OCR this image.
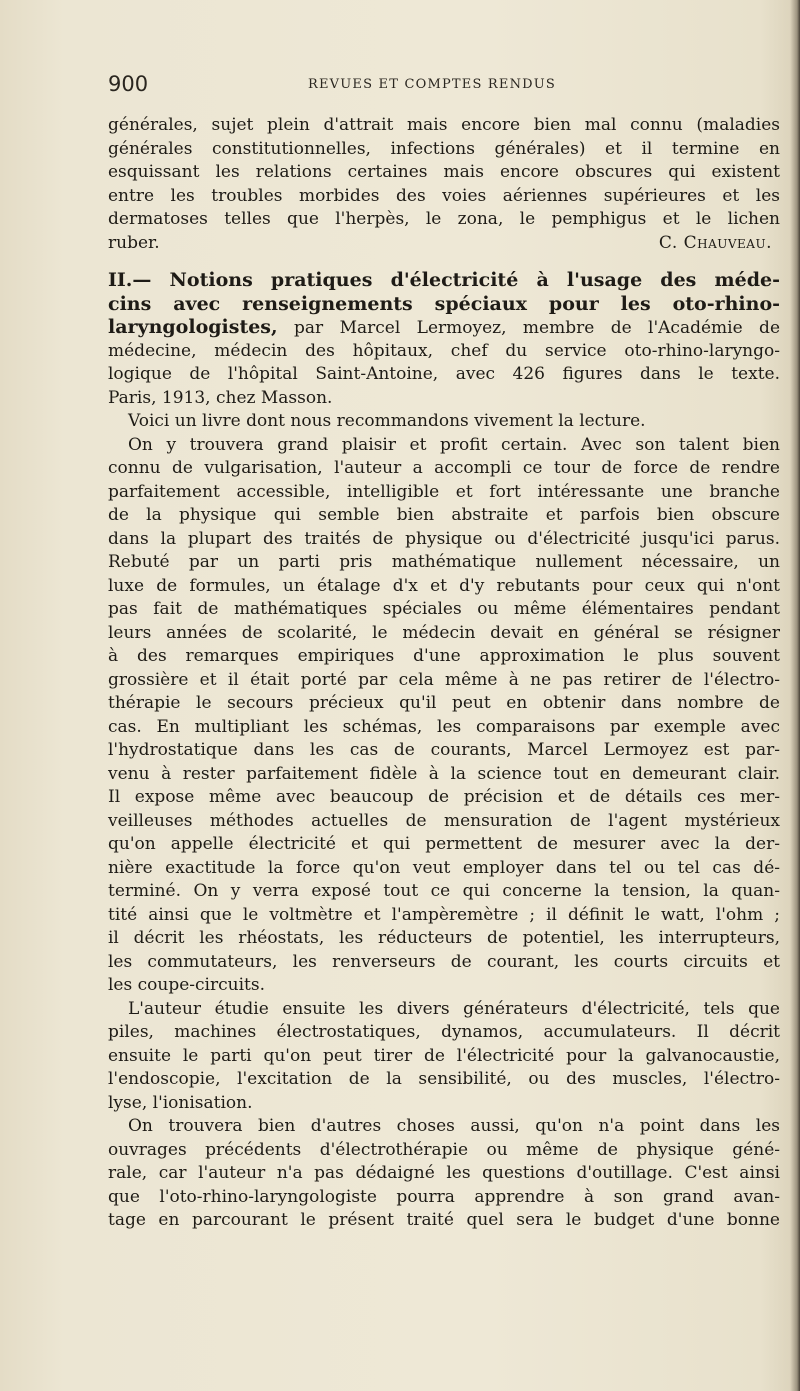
900	REVUES ET COMPTES RENDUS
générales, sujet plein d'attrait mais encore bien mal connu (maladies
générales constitutionnelles, infections générales) et il termine en
esquissant les relations certaines mais encore obscures qui existent
entre les troubles morbides des voies aériennes supérieures et les
dermatoses telles que l'herpès, le zona, le pemphigus et le lichen
ruber.	C. Chauveau.
II.— Notions pratiques d'électricité à l'usage des méde-
cins avec renseignements spéciaux pour les oto-rhino-
laryngologistes, par Marcel Lermoyez, membre de l'Académie de
médecine, médecin des hôpitaux, chef du service oto-rhino-laryngo-
logique de l'hôpital Saint-Antoine, avec 426 figures dans le texte.
Paris, 1913, chez Masson.
Voici un livre dont nous recommandons vivement la lecture.
On y trouvera grand plaisir et profit certain. Avec son talent bien
connu de vulgarisation, l'auteur a accompli ce tour de force de rendre
parfaitement accessible, intelligible et fort intéressante une branche
de la physique qui semble bien abstraite et parfois bien obscure
dans la plupart des traités de physique ou d'électricité jusqu'ici parus.
Rebuté par un parti pris mathématique nullement nécessaire, un
luxe de formules, un étalage d'x et d'y rebutants pour ceux qui n'ont
pas fait de mathématiques spéciales ou même élémentaires pendant
leurs années de scolarité, le médecin devait en général se résigner
à des remarques empiriques d'une approximation le plus souvent
grossière et il était porté par cela même à ne pas retirer de l'électro-
thérapie le secours précieux qu'il peut en obtenir dans nombre de
cas. En multipliant les schémas, les comparaisons par exemple avec
l'hydrostatique dans les cas de courants, Marcel Lermoyez est par-
venu à rester parfaitement fidèle à la science tout en demeurant clair.
Il expose même avec beaucoup de précision et de détails ces mer-
veilleuses méthodes actuelles de mensuration de l'agent mystérieux
qu'on appelle électricité et qui permettent de mesurer avec la der-
nière exactitude la force qu'on veut employer dans tel ou tel cas dé-
terminé. On y verra exposé tout ce qui concerne la tension, la quan-
tité ainsi que le voltmètre et l'ampèremètre ; il définit le watt, l'ohm ;
il décrit les rhéostats, les réducteurs de potentiel, les interrupteurs,
les commutateurs, les renverseurs de courant, les courts circuits et
les coupe-circuits.
L'auteur étudie ensuite les divers générateurs d'électricité, tels que
piles, machines électrostatiques, dynamos, accumulateurs. Il décrit
ensuite le parti qu'on peut tirer de l'électricité pour la galvanocaustie,
l'endoscopie, l'excitation de la sensibilité, ou des muscles, l'électro-
lyse, l'ionisation.
On trouvera bien d'autres choses aussi, qu'on n'a point dans les
ouvrages précédents d'électrothérapie ou même de physique géné-
rale, car l'auteur n'a pas dédaigné les questions d'outillage. C'est ainsi
que l'oto-rhino-laryngologiste pourra apprendre à son grand avan-
tage en parcourant le présent traité quel sera le budget d'une bonne
